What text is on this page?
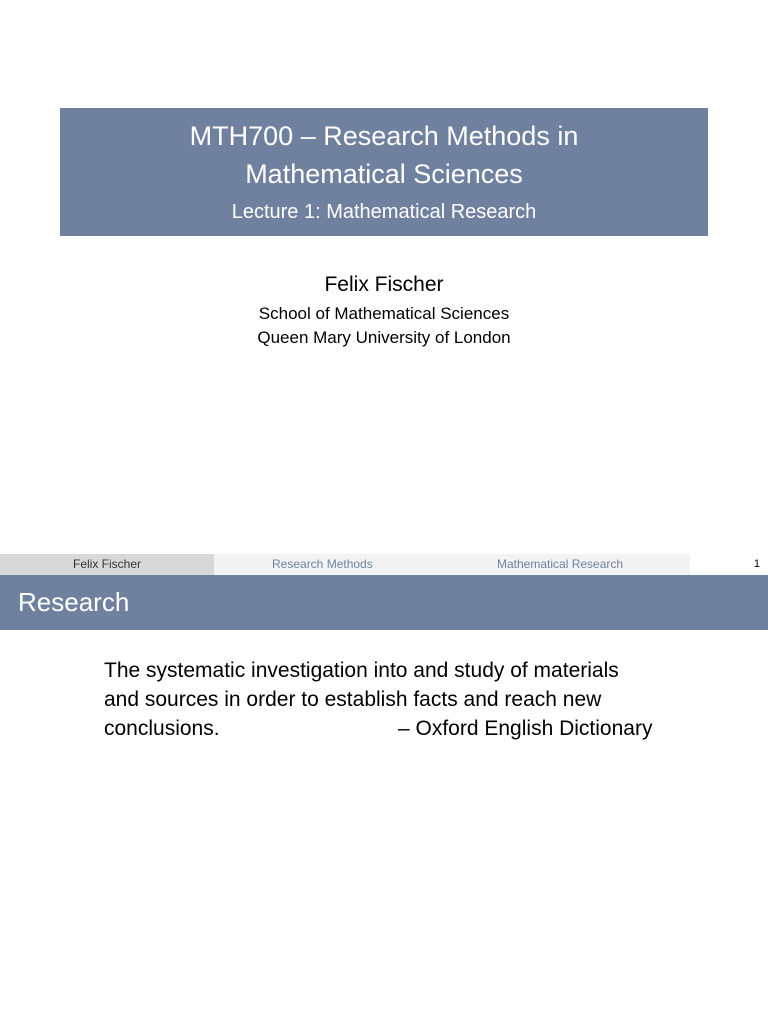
MTH700 – Research Methods in
Mathematical Sciences
Lecture 1: Mathematical Research
Felix Fischer
School of Mathematical Sciences
Queen Mary University of London
Felix Fischer	Research Methods	Mathematical Research	1
Research
The systematic investigation into and study of materials
and sources in order to establish facts and reach new
conclusions.	– Oxford English Dictionary
